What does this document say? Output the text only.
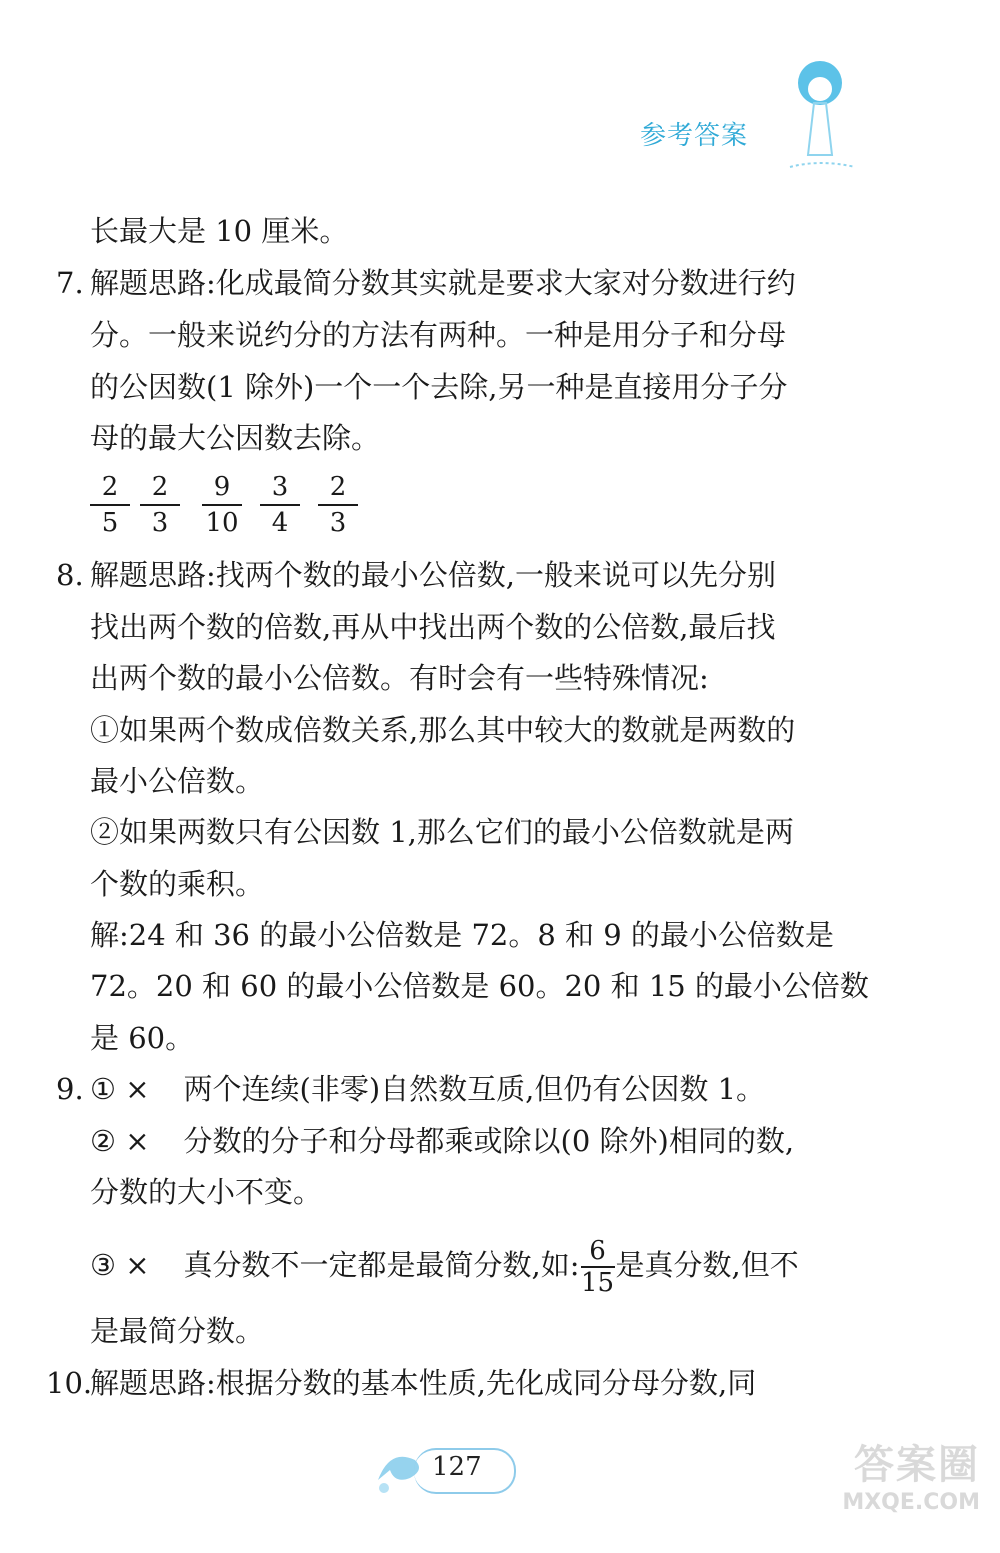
参考答案
长最大是 10 厘米。
7. 解题思路:化成最简分数其实就是要求大家对分数进行约
分。一般来说约分的方法有两种。一种是用分子和分母
的公因数(1 除外)一个一个去除,另一种是直接用分子分
母的最大公因数去除。
2
5
2
3
9
10
3
4
2
3
8. 解题思路:找两个数的最小公倍数,一般来说可以先分别
找出两个数的倍数,再从中找出两个数的公倍数,最后找
出两个数的最小公倍数。有时会有一些特殊情况:
①如果两个数成倍数关系,那么其中较大的数就是两数的
最小公倍数。
②如果两数只有公因数 1,那么它们的最小公倍数就是两
个数的乘积。
解:24 和 36 的最小公倍数是 72。8 和 9 的最小公倍数是
72。20 和 60 的最小公倍数是 60。20 和 15 的最小公倍数
是 60。
9. ① × 两个连续(非零)自然数互质,但仍有公因数 1。
② × 分数的分子和分母都乘或除以(0 除外)相同的数,
分数的大小不变。
③ × 真分数不一定都是最简分数,如: $\frac{6}{15}$ 是真分数,但不
是最简分数。
10.
解题思路:根据分数的基本性质,先化成同分母分数,同
127	答案圈
MXQE.COM
